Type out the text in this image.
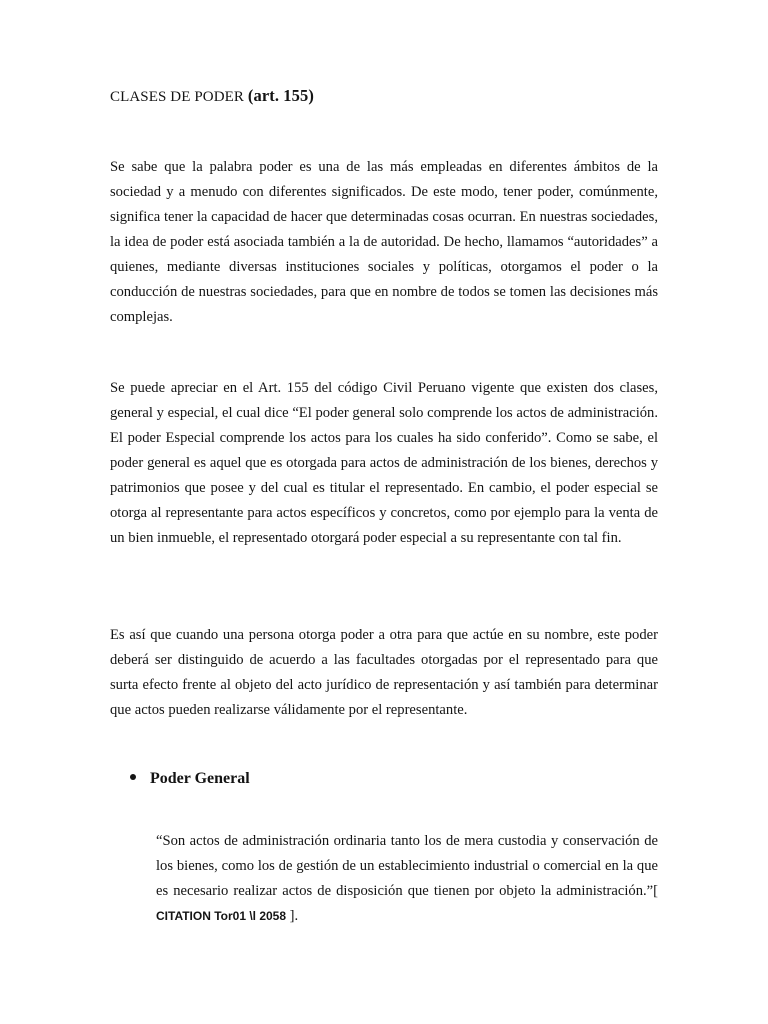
CLASES DE PODER (art. 155)

Se sabe que la palabra poder es una de las más empleadas en diferentes ámbitos de la sociedad y a menudo con diferentes significados. De este modo, tener poder, comúnmente, significa tener la capacidad de hacer que determinadas cosas ocurran. En nuestras sociedades, la idea de poder está asociada también a la de autoridad. De hecho, llamamos “autoridades” a quienes, mediante diversas instituciones sociales y políticas, otorgamos el poder o la conducción de nuestras sociedades, para que en nombre de todos se tomen las decisiones más complejas.

Se puede apreciar en el Art. 155 del código Civil Peruano vigente que existen dos clases, general y especial, el cual dice “El poder general solo comprende los actos de administración. El poder Especial comprende los actos para los cuales ha sido conferido”. Como se sabe, el poder general es aquel que es otorgada para actos de administración de los bienes, derechos y patrimonios que posee y del cual es titular el representado. En cambio, el poder especial se otorga al representante para actos específicos y concretos, como por ejemplo para la venta de un bien inmueble, el representado otorgará poder especial a su representante con tal fin.

Es así que cuando una persona otorga poder a otra para que actúe en su nombre, este poder deberá ser distinguido de acuerdo a las facultades otorgadas por el representado para que surta efecto frente al objeto del acto jurídico de representación y así también para determinar que actos pueden realizarse válidamente por el representante.

Poder General

“Son actos de administración ordinaria tanto los de mera custodia y conservación de los bienes, como los de gestión de un establecimiento industrial o comercial en la que es necesario realizar actos de disposición que tienen por objeto la administración.”[ CITATION Tor01 \l 2058 ].
